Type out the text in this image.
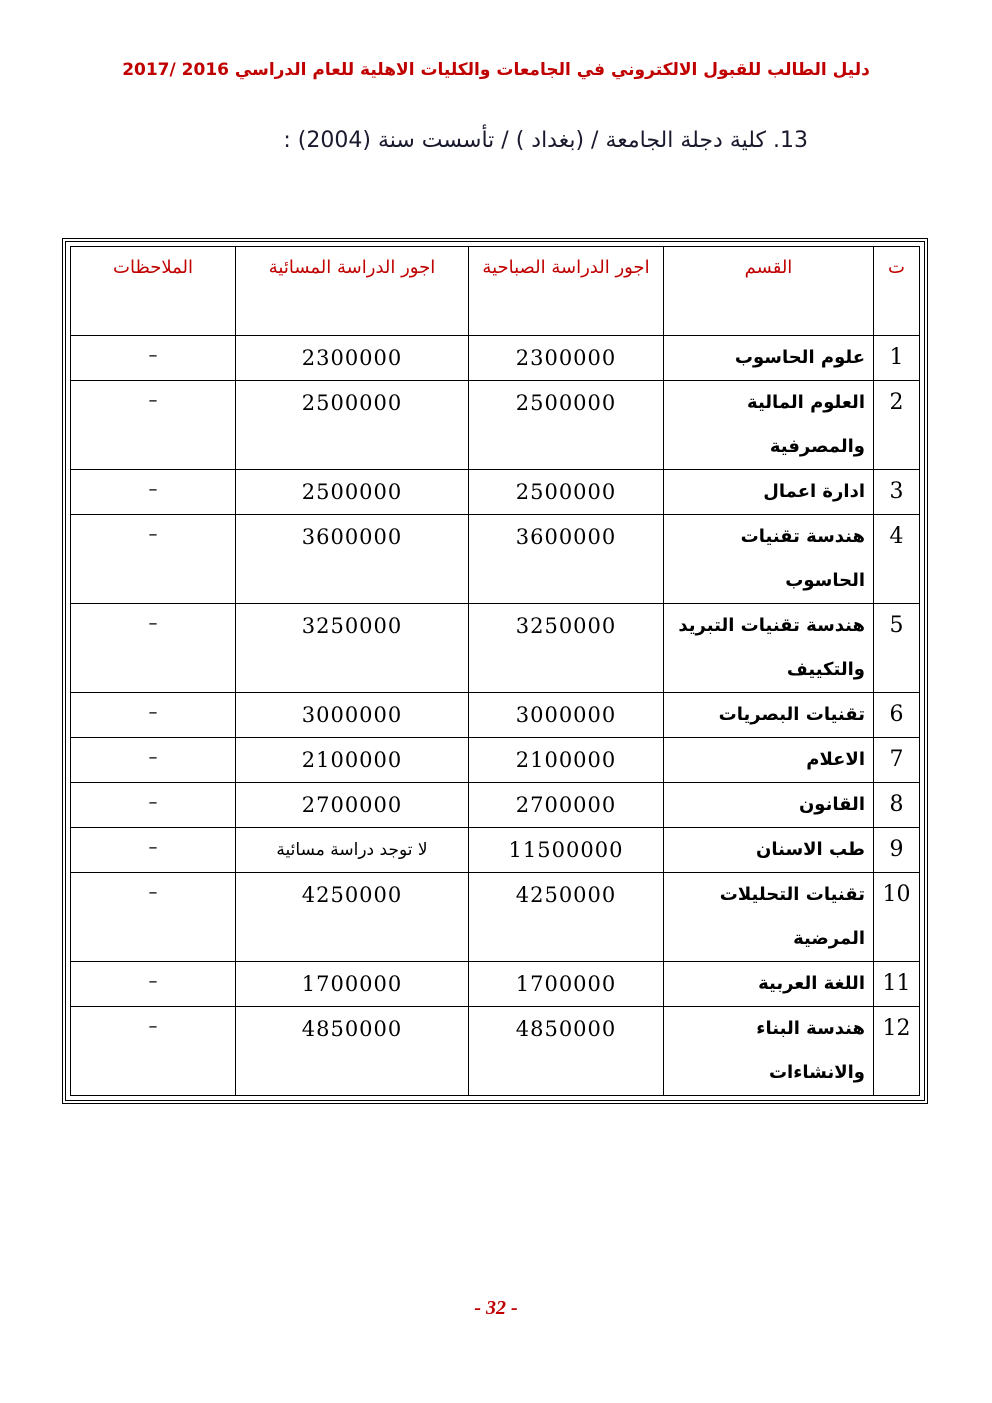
دليل الطالب للقبول الالكتروني في الجامعات والكليات الاهلية للعام الدراسي 2016 /2017
13. كلية دجلة الجامعة / (بغداد ) / تأسست سنة (2004) :
ت	القسم	اجور الدراسة الصباحية	اجور الدراسة المسائية	الملاحظات
1	علوم الحاسوب	2300000	2300000	–
2	العلوم المالية والمصرفية	2500000	2500000	–
3	ادارة اعمال	2500000	2500000	–
4	هندسة تقنيات الحاسوب	3600000	3600000	–
5	هندسة تقنيات التبريد والتكييف	3250000	3250000	–
6	تقنيات البصريات	3000000	3000000	–
7	الاعلام	2100000	2100000	–
8	القانون	2700000	2700000	–
9	طب الاسنان	11500000	لا توجد دراسة مسائية	–
10	تقنيات التحليلات المرضية	4250000	4250000	–
11	اللغة العربية	1700000	1700000	–
12	هندسة البناء والانشاءات	4850000	4850000	–
- 32 -
